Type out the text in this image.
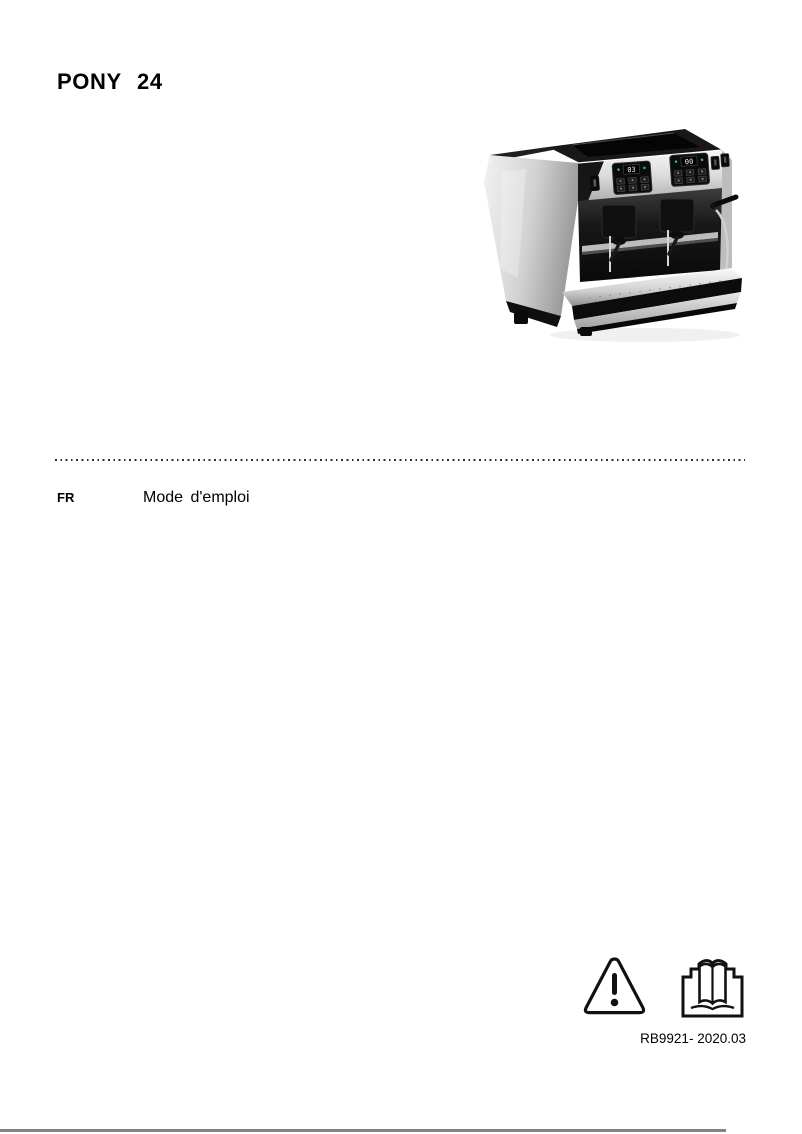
PONY 24
03
00
FR	Mode d'emploi
RB9921- 2020.03
